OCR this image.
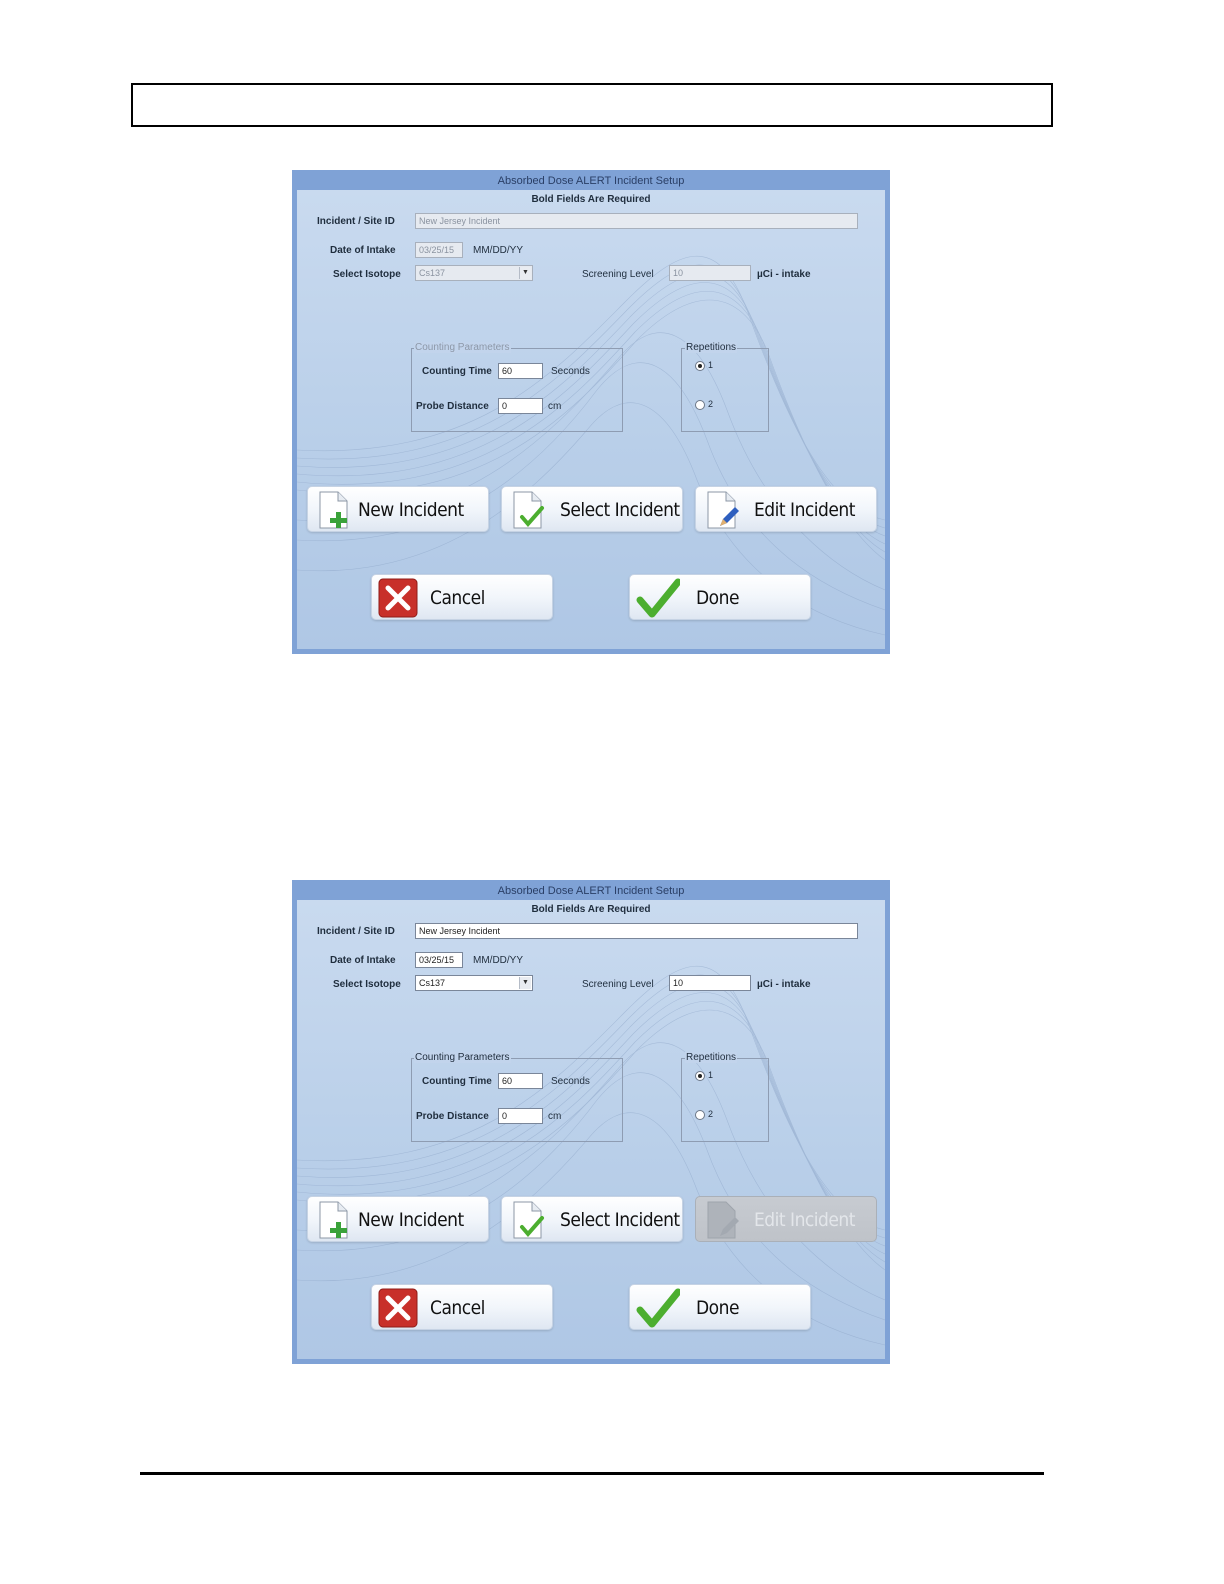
Absorbed Dose ALERT Incident Setup
Bold Fields Are Required
Incident / Site ID	New Jersey Incident
Date of Intake	03/25/15	MM/DD/YY
Select Isotope	Cs137	▼	Screening Level	10	µCi - intake
Counting Parameters
Counting Time	60	Seconds
Probe Distance	0	cm
Repetitions
1
2
New Incident	Select Incident	Edit Incident
Cancel	Done
Absorbed Dose ALERT Incident Setup
Bold Fields Are Required
Incident / Site ID	New Jersey Incident
Date of Intake	03/25/15	MM/DD/YY
Select Isotope	Cs137	▼	Screening Level	10	µCi - intake
Counting Parameters
Counting Time	60	Seconds
Probe Distance	0	cm
Repetitions
1
2
New Incident	Select Incident	Edit Incident
Cancel	Done
